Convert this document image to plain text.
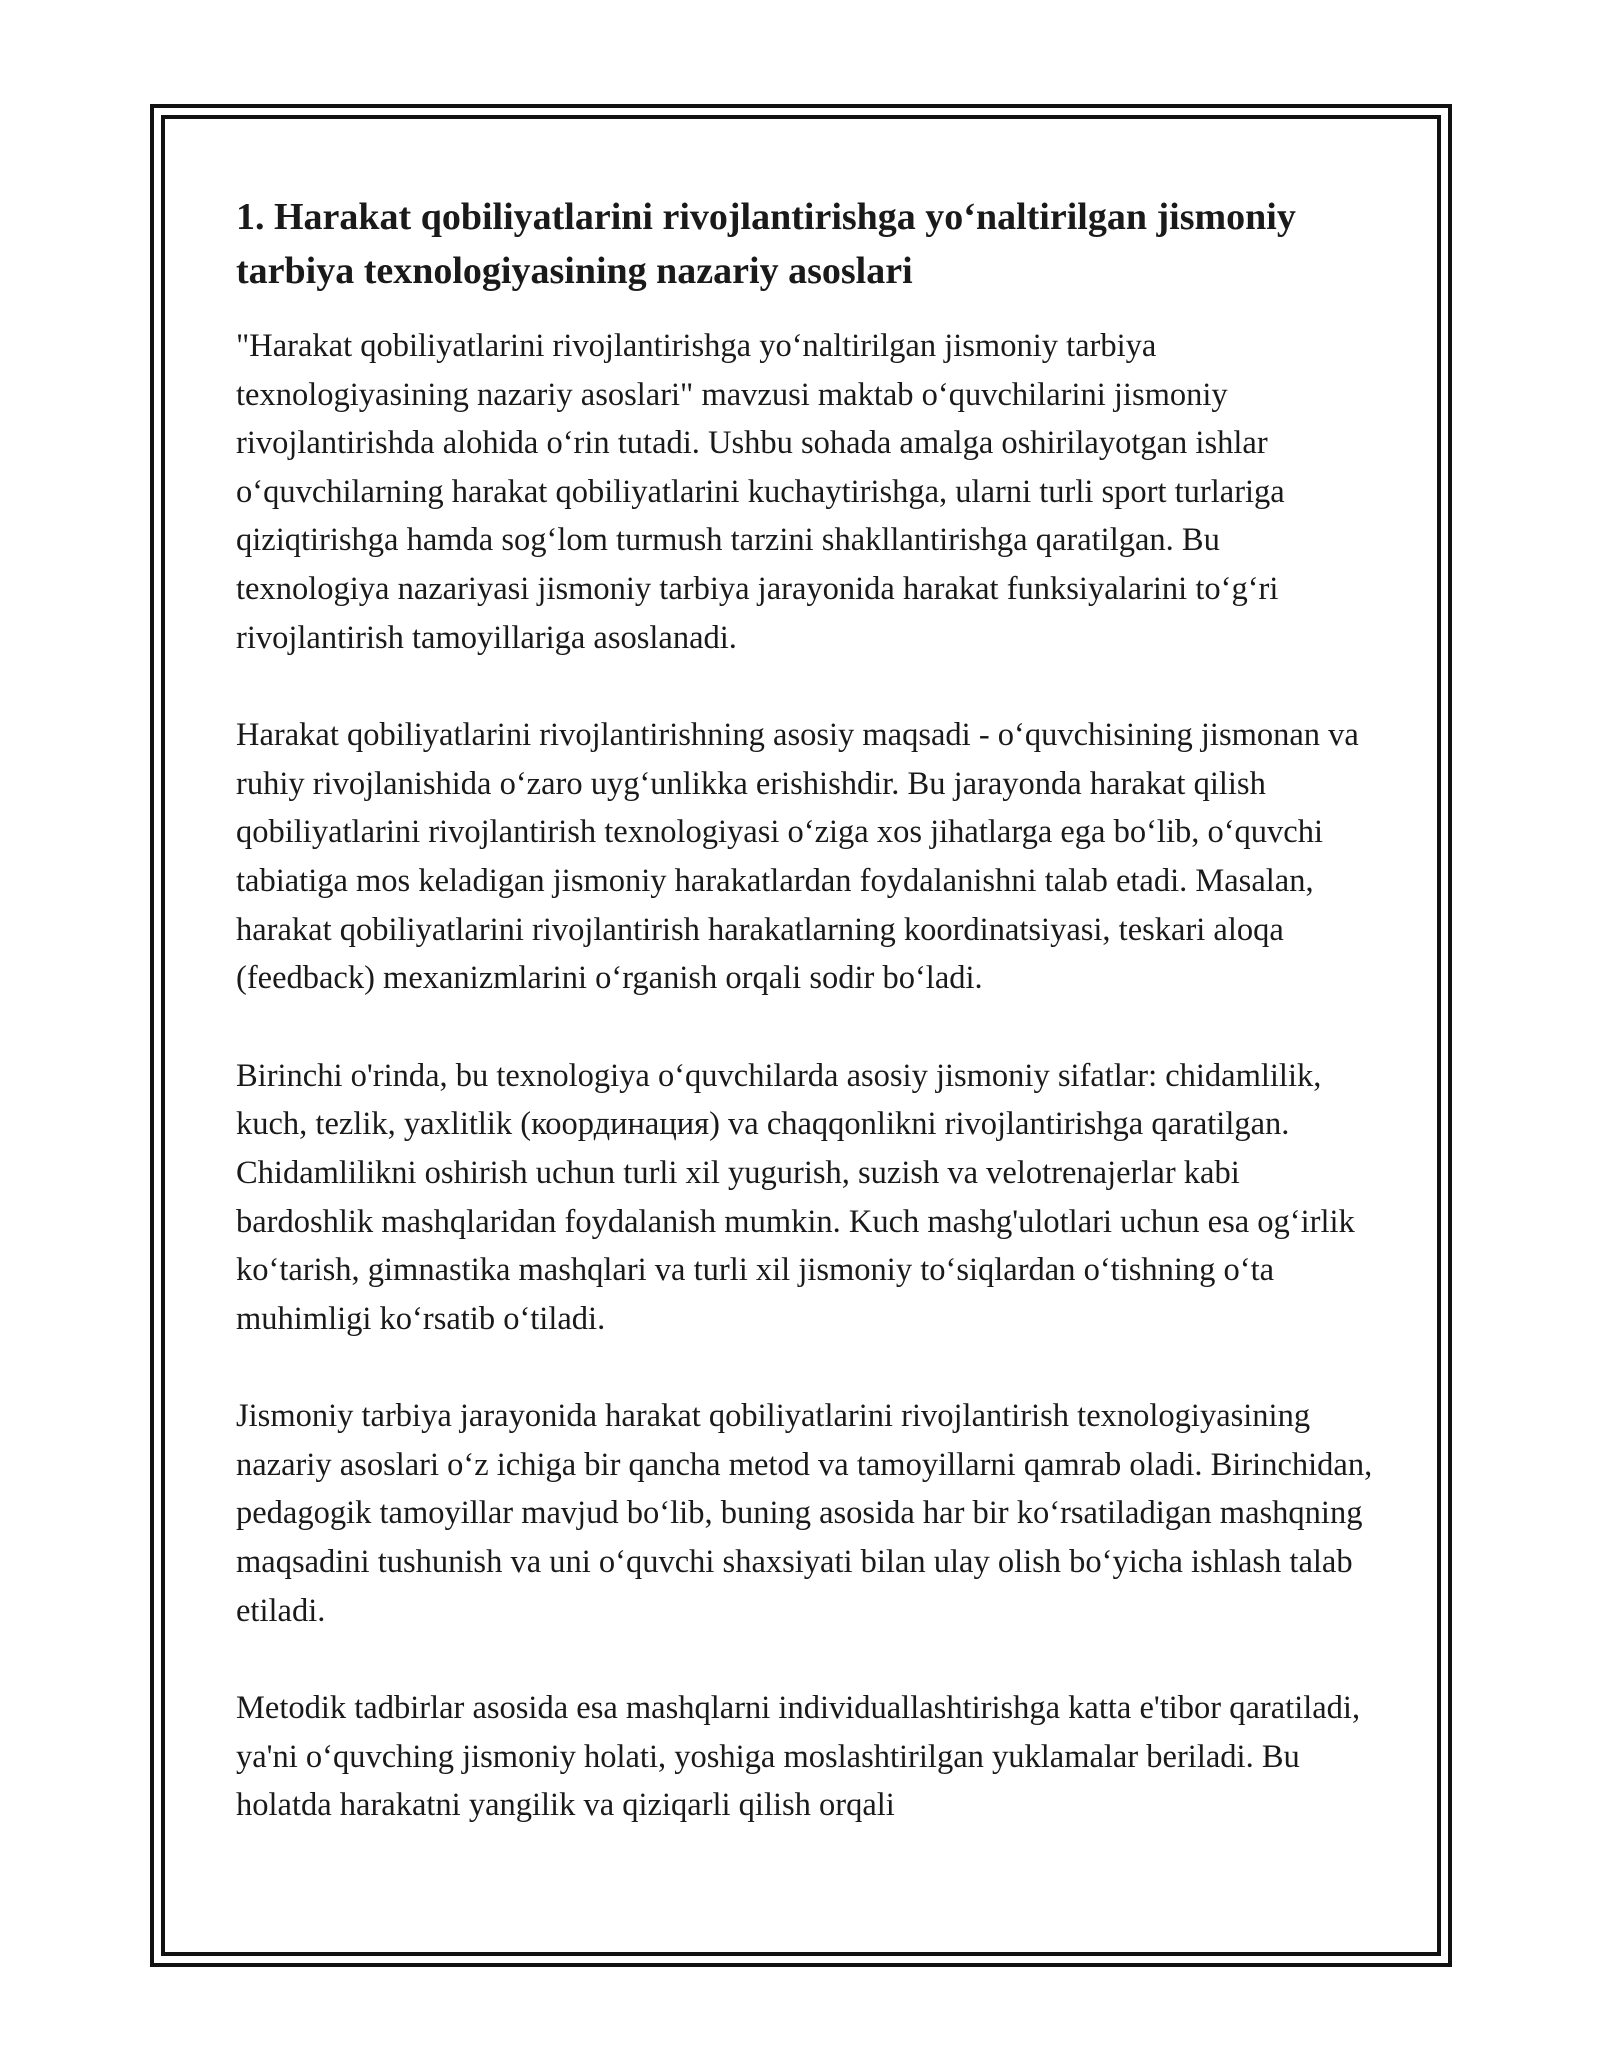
1. Harakat qobiliyatlarini rivojlantirishga yo‘naltirilgan jismoniy tarbiya texnologiyasining nazariy asoslari

"Harakat qobiliyatlarini rivojlantirishga yo‘naltirilgan jismoniy tarbiya texnologiyasining nazariy asoslari" mavzusi maktab o‘quvchilarini jismoniy rivojlantirishda alohida o‘rin tutadi. Ushbu sohada amalga oshirilayotgan ishlar o‘quvchilarning harakat qobiliyatlarini kuchaytirishga, ularni turli sport turlariga qiziqtirishga hamda sog‘lom turmush tarzini shakllantirishga qaratilgan. Bu texnologiya nazariyasi jismoniy tarbiya jarayonida harakat funksiyalarini to‘g‘ri rivojlantirish tamoyillariga asoslanadi.

Harakat qobiliyatlarini rivojlantirishning asosiy maqsadi - o‘quvchisining jismonan va ruhiy rivojlanishida o‘zaro uyg‘unlikka erishishdir. Bu jarayonda harakat qilish qobiliyatlarini rivojlantirish texnologiyasi o‘ziga xos jihatlarga ega bo‘lib, o‘quvchi tabiatiga mos keladigan jismoniy harakatlardan foydalanishni talab etadi. Masalan, harakat qobiliyatlarini rivojlantirish harakatlarning koordinatsiyasi, teskari aloqa (feedback) mexanizmlarini o‘rganish orqali sodir bo‘ladi.

Birinchi o'rinda, bu texnologiya o‘quvchilarda asosiy jismoniy sifatlar: chidamlilik, kuch, tezlik, yaxlitlik (координация) va chaqqonlikni rivojlantirishga qaratilgan. Chidamlilikni oshirish uchun turli xil yugurish, suzish va velotrenajerlar kabi bardoshlik mashqlaridan foydalanish mumkin. Kuch mashg'ulotlari uchun esa og‘irlik ko‘tarish, gimnastika mashqlari va turli xil jismoniy to‘siqlardan o‘tishning o‘ta muhimligi ko‘rsatib o‘tiladi.

Jismoniy tarbiya jarayonida harakat qobiliyatlarini rivojlantirish texnologiyasining nazariy asoslari o‘z ichiga bir qancha metod va tamoyillarni qamrab oladi. Birinchidan, pedagogik tamoyillar mavjud bo‘lib, buning asosida har bir ko‘rsatiladigan mashqning maqsadini tushunish va uni o‘quvchi shaxsiyati bilan ulay olish bo‘yicha ishlash talab etiladi.

Metodik tadbirlar asosida esa mashqlarni individuallashtirishga katta e'tibor qaratiladi, ya'ni o‘quvching jismoniy holati, yoshiga moslashtirilgan yuklamalar beriladi. Bu holatda harakatni yangilik va qiziqarli qilish orqali
